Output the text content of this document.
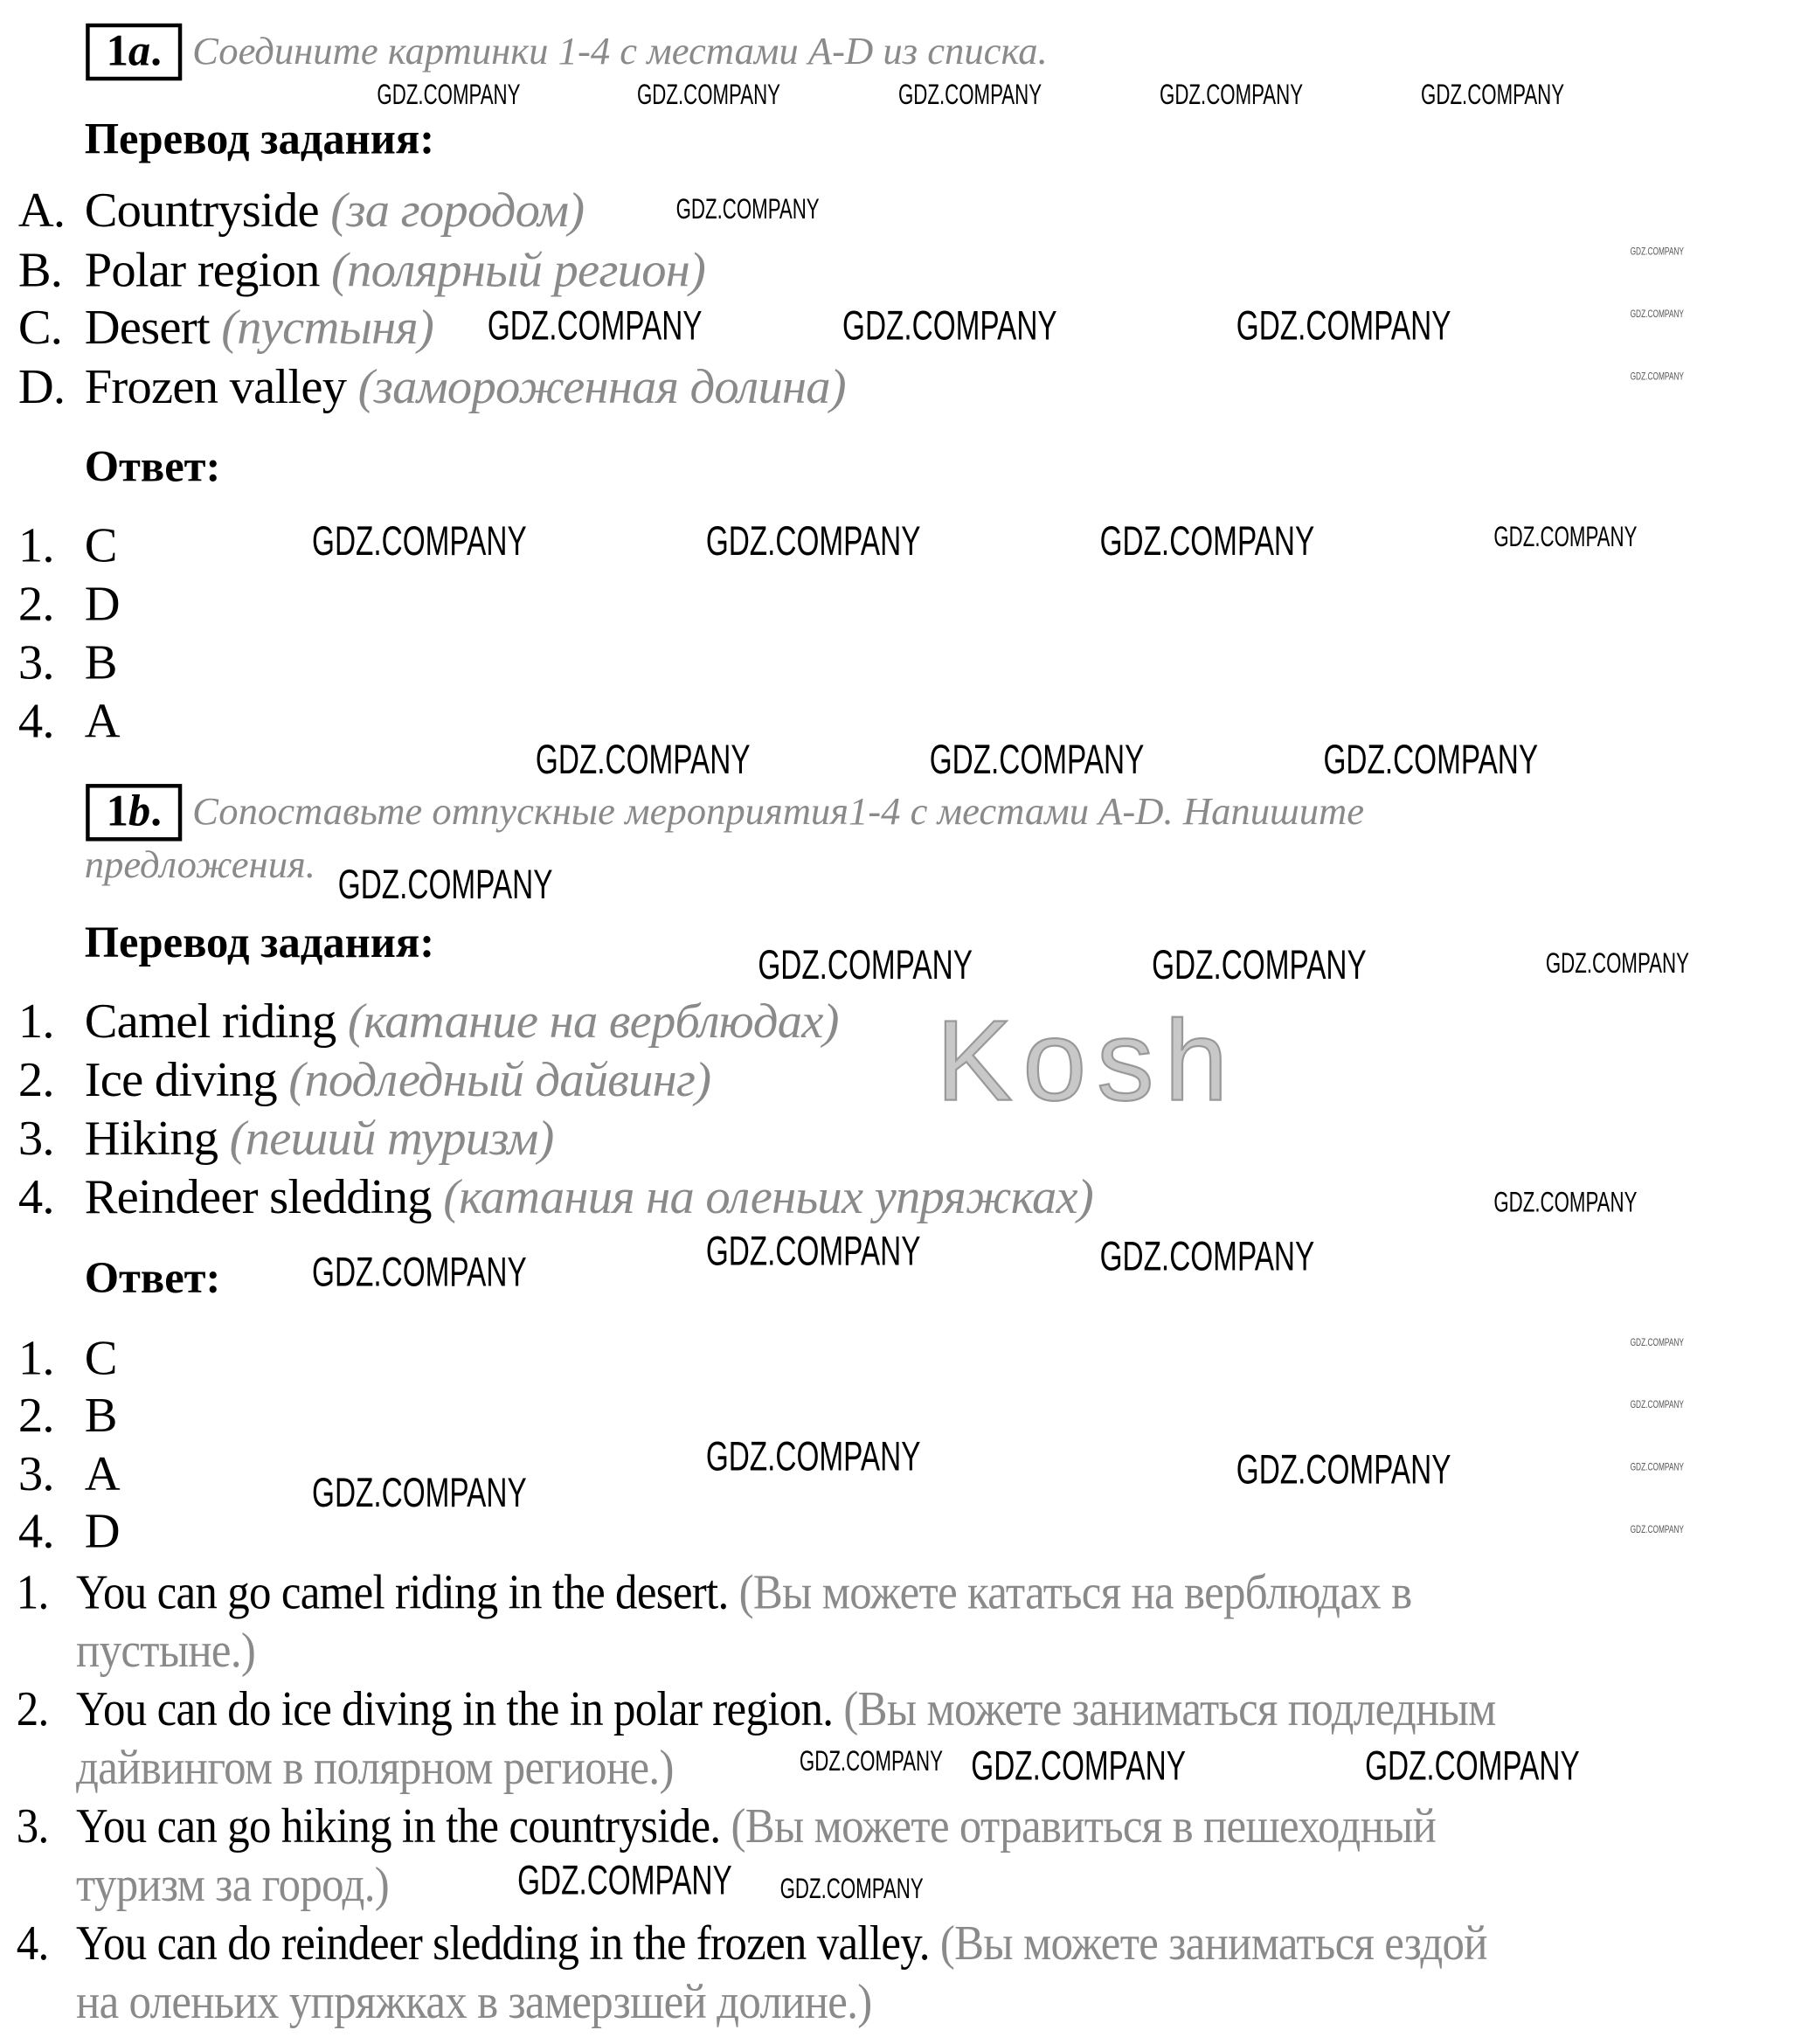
1a.	Соедините картинки 1-4 с местами A-D из списка.
Перевод задания:
A. Countryside (за городом)
B. Polar region (полярный регион)
C. Desert (пустыня)
D. Frozen valley (замороженная долина)
Ответ:
1. C
2. D
3. B
4. A
1b.	Сопоставьте отпускные мероприятия1-4 с местами A-D. Напишите
предложения.
Перевод задания:
1. Camel riding (катание на верблюдах)
2. Ice diving (подледный дайвинг)
3. Hiking (пеший туризм)
4. Reindeer sledding (катания на оленьих упряжках)
Ответ:
1. C
2. B
3. A
4. D
1. You can go camel riding in the desert. (Вы можете кататься на верблюдах в
пустыне.)
2. You can do ice diving in the in polar region. (Вы можете заниматься подледным
дайвингом в полярном регионе.)
3. You can go hiking in the countryside. (Вы можете отравиться в пешеходный
туризм за город.)
4. You can do reindeer sledding in the frozen valley. (Вы можете заниматься ездой
на оленьих упряжках в замерзшей долине.)
Kosh
GDZ.COMPANY	GDZ.COMPANY	GDZ.COMPANY	GDZ.COMPANY	GDZ.COMPANY
GDZ.COMPANY
GDZ.COMPANY	GDZ.COMPANY	GDZ.COMPANY
GDZ.COMPANY
GDZ.COMPANY
GDZ.COMPANY
GDZ.COMPANY	GDZ.COMPANY	GDZ.COMPANY	GDZ.COMPANY
GDZ.COMPANY	GDZ.COMPANY	GDZ.COMPANY
GDZ.COMPANY
GDZ.COMPANY	GDZ.COMPANY	GDZ.COMPANY
GDZ.COMPANY	GDZ.COMPANY
GDZ.COMPANY
GDZ.COMPANY
GDZ.COMPANY
GDZ.COMPANY
GDZ.COMPANY
GDZ.COMPANY
GDZ.COMPANY	GDZ.COMPANY
GDZ.COMPANY
GDZ.COMPANY GDZ.COMPANY	GDZ.COMPANY
GDZ.COMPANY GDZ.COMPANY
